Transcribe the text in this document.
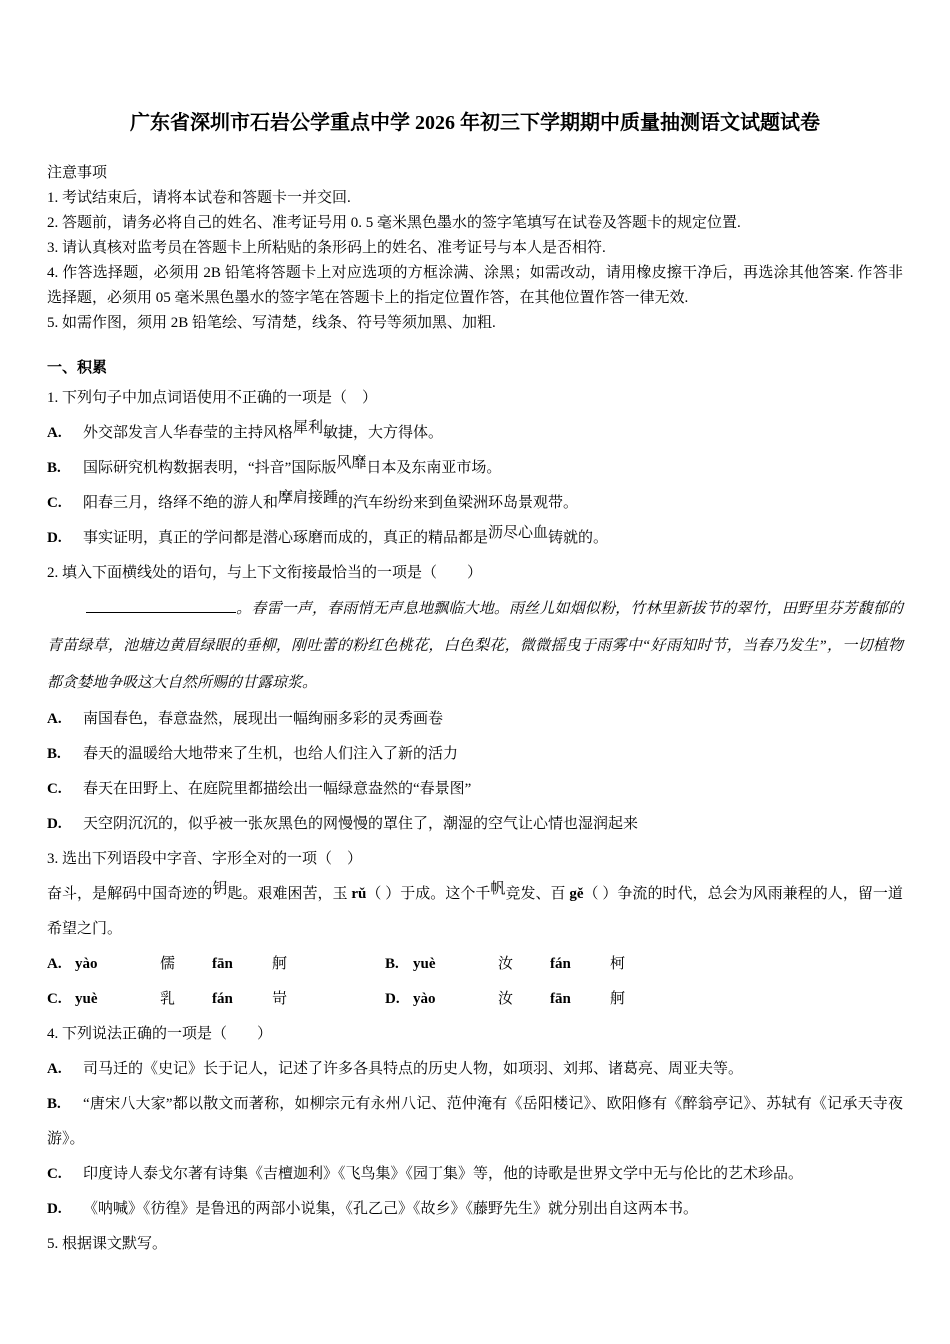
广东省深圳市石岩公学重点中学 2026 年初三下学期期中质量抽测语文试题试卷
注意事项
1. 考试结束后，请将本试卷和答题卡一并交回.
2. 答题前，请务必将自己的姓名、准考证号用 0. 5 毫米黑色墨水的签字笔填写在试卷及答题卡的规定位置.
3. 请认真核对监考员在答题卡上所粘贴的条形码上的姓名、准考证号与本人是否相符.
4. 作答选择题，必须用 2B 铅笔将答题卡上对应选项的方框涂满、涂黑；如需改动，请用橡皮擦干净后，再选涂其他答案. 作答非选择题，必须用 05 毫米黑色墨水的签字笔在答题卡上的指定位置作答，在其他位置作答一律无效.
5. 如需作图，须用 2B 铅笔绘、写清楚，线条、符号等须加黑、加粗.
一、积累
1. 下列句子中加点词语使用不正确的一项是（　）
A. 外交部发言人华春莹的主持风格犀利敏捷，大方得体。
B. 国际研究机构数据表明，“抖音”国际版风靡日本及东南亚市场。
C. 阳春三月，络绎不绝的游人和摩肩接踵的汽车纷纷来到鱼梁洲环岛景观带。
D. 事实证明，真正的学问都是潜心琢磨而成的，真正的精品都是沥尽心血铸就的。
2. 填入下面横线处的语句，与上下文衔接最恰当的一项是（　　）

。春雷一声，春雨悄无声息地飘临大地。雨丝儿如烟似粉，竹林里新拔节的翠竹，田野里芬芳馥郁的青苗绿草，池塘边黄眉绿眼的垂柳，刚吐蕾的粉红色桃花，白色梨花，微微摇曳于雨雾中“好雨知时节，当春乃发生”，一切植物都贪婪地争吸这大自然所赐的甘露琼浆。

A. 南国春色，春意盎然，展现出一幅绚丽多彩的灵秀画卷
B. 春天的温暖给大地带来了生机，也给人们注入了新的活力
C. 春天在田野上、在庭院里都描绘出一幅绿意盎然的“春景图”
D. 天空阴沉沉的，似乎被一张灰黑色的网慢慢的罩住了，潮湿的空气让心情也湿润起来
3. 选出下列语段中字音、字形全对的一项（　）

奋斗，是解码中国奇迹的钥匙。艰难困苦，玉 rǔ（ ）于成。这个千帆竞发、百 gě（ ）争流的时代，总会为风雨兼程的人，留一道希望之门。

A. yào	儒	fān	舸	B. yuè	汝	fán	柯
C. yuè	乳	fán	岢	D. yào	汝	fān	舸
4. 下列说法正确的一项是（　　）
A. 司马迁的《史记》长于记人，记述了许多各具特点的历史人物，如项羽、刘邦、诸葛亮、周亚夫等。
B. “唐宋八大家”都以散文而著称，如柳宗元有永州八记、范仲淹有《岳阳楼记》、欧阳修有《醉翁亭记》、苏轼有《记承天寺夜游》。
C. 印度诗人泰戈尔著有诗集《吉檀迦利》《飞鸟集》《园丁集》等，他的诗歌是世界文学中无与伦比的艺术珍品。
D. 《呐喊》《彷徨》是鲁迅的两部小说集，《孔乙己》《故乡》《藤野先生》就分别出自这两本书。
5. 根据课文默写。
